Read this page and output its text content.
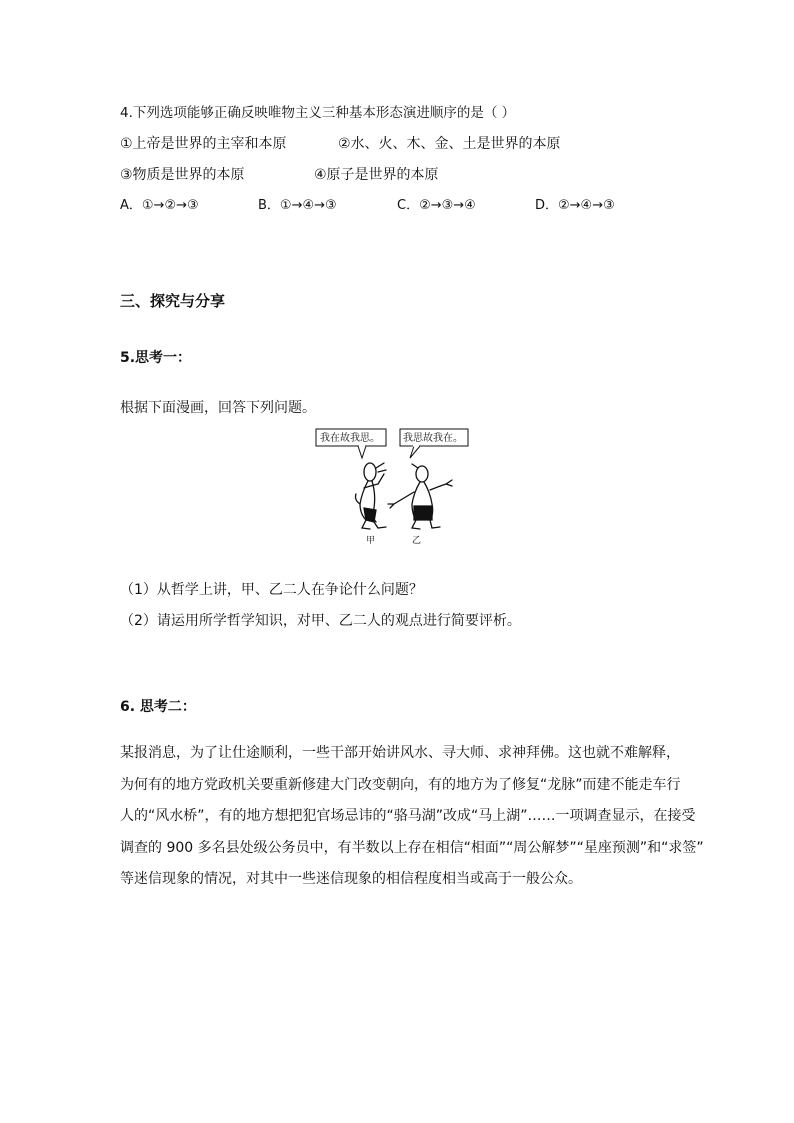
4.下列选项能够正确反映唯物主义三种基本形态演进顺序的是（ ）
①上帝是世界的主宰和本原	②水、火、木、金、土是世界的本原
③物质是世界的本原	④原子是世界的本原
A．①→②→③	B．①→④→③	C．②→③→④	D．②→④→③
三、探究与分享
5.思考一：
根据下面漫画，回答下列问题。
我在故我思。 我思故我在。
甲	乙
（1）从哲学上讲，甲、乙二人在争论什么问题？
（2）请运用所学哲学知识，对甲、乙二人的观点进行简要评析。
6. 思考二：

某报消息，为了让仕途顺利，一些干部开始讲风水、寻大师、求神拜佛。这也就不难解释，

为何有的地方党政机关要重新修建大门改变朝向，有的地方为了修复“龙脉”而建不能走车行

人的“风水桥”，有的地方想把犯官场忌讳的“骆马湖”改成“马上湖”……一项调查显示，在接受

调查的 900 多名县处级公务员中，有半数以上存在相信“相面”“周公解梦”“星座预测”和“求签”

等迷信现象的情况，对其中一些迷信现象的相信程度相当或高于一般公众。
